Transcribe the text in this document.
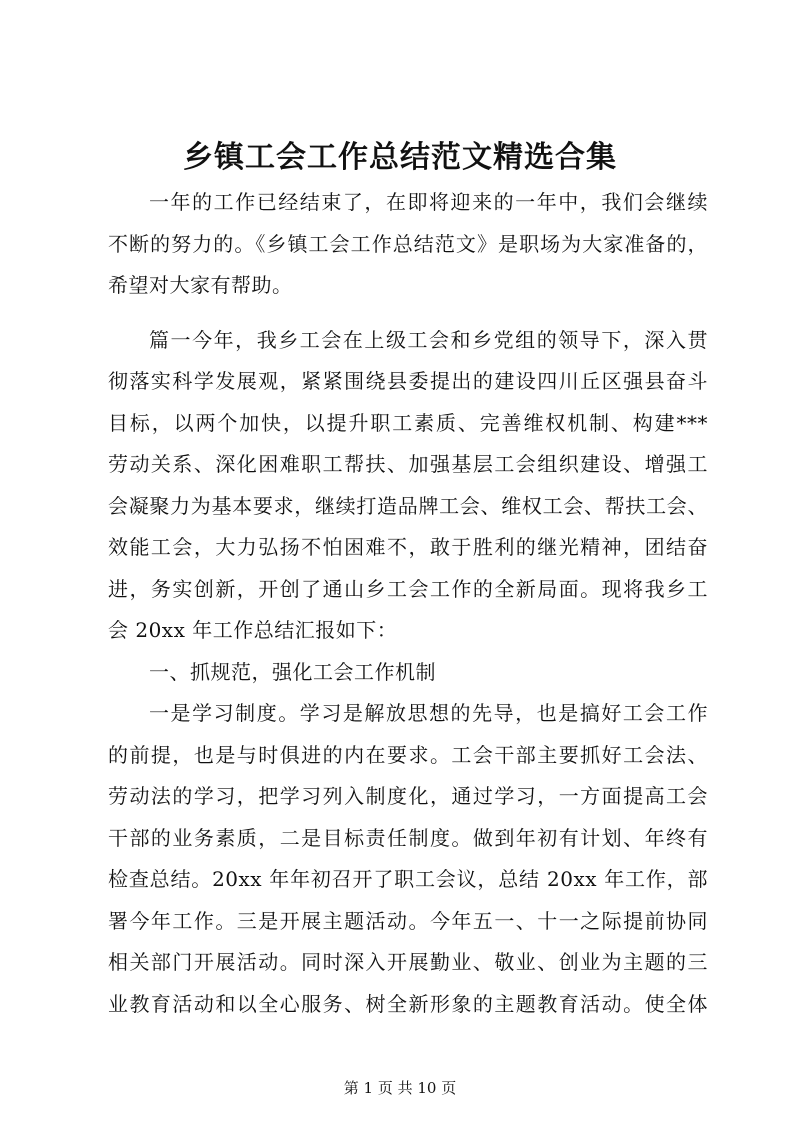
乡镇工会工作总结范文精选合集
一年的工作已经结束了，在即将迎来的一年中，我们会继续
不断的努力的。《乡镇工会工作总结范文》是职场为大家准备的，
希望对大家有帮助。
篇一今年，我乡工会在上级工会和乡党组的领导下，深入贯
彻落实科学发展观，紧紧围绕县委提出的建设四川丘区强县奋斗
目标，以两个加快，以提升职工素质、完善维权机制、构建***
劳动关系、深化困难职工帮扶、加强基层工会组织建设、增强工
会凝聚力为基本要求，继续打造品牌工会、维权工会、帮扶工会、
效能工会，大力弘扬不怕困难不，敢于胜利的继光精神，团结奋
进，务实创新，开创了通山乡工会工作的全新局面。现将我乡工
会 20xx 年工作总结汇报如下：
一、抓规范，强化工会工作机制
一是学习制度。学习是解放思想的先导，也是搞好工会工作
的前提，也是与时俱进的内在要求。工会干部主要抓好工会法、
劳动法的学习，把学习列入制度化，通过学习，一方面提高工会
干部的业务素质，二是目标责任制度。做到年初有计划、年终有
检查总结。20xx 年年初召开了职工会议，总结 20xx 年工作，部
署今年工作。三是开展主题活动。今年五一、十一之际提前协同
相关部门开展活动。同时深入开展勤业、敬业、创业为主题的三
业教育活动和以全心服务、树全新形象的主题教育活动。使全体
第 1 页 共 10 页
